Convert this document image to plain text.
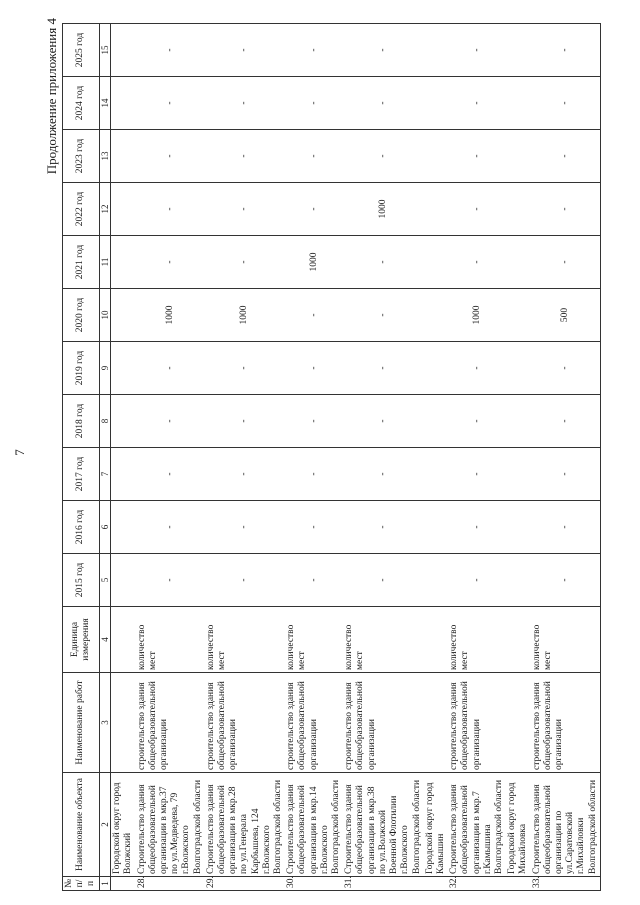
7
Продолжение приложения 4
№ п/п	Наименование объекта	Наименование работ	Единица измерения	2015 год	2016 год	2017 год	2018 год	2019 год	2020 год	2021 год	2022 год	2023 год	2024 год	2025 год
1	2	3	4	5	6	7	8	9	10	11	12	13	14	15
	Городской округ город Волжский													
28.	Строительство здания общеобразовательной организации в мкр.37 по ул.Медведева, 79 г.Волжского Волгоградской области	строительство здания общеобразовательной организации	количество мест	-	-	-	-	-	1000	-	-	-	-	-
29.	Строительство здания общеобразовательной организации в мкр.28 по ул.Генерала Карбышева, 124 г.Волжского Волгоградской области	строительство здания общеобразовательной организации	количество мест	-	-	-	-	-	1000	-	-	-	-	-
30.	Строительство здания общеобразовательной организации в мкр.14 г.Волжского Волгоградской области	строительство здания общеобразовательной организации	количество мест	-	-	-	-	-	-	1000	-	-	-	-
31.	Строительство здания общеобразовательной организации в мкр.38 по ул.Волжской Военной Флотилии г.Волжского Волгоградской области	строительство здания общеобразовательной организации	количество мест	-	-	-	-	-	-	-	1000	-	-	-
	Городской округ город Камышин													
32.	Строительство здания общеобразовательной организации в мкр.7 г.Камышина Волгоградской области	строительство здания общеобразовательной организации	количество мест	-	-	-	-	-	1000	-	-	-	-	-
	Городской округ город Михайловка													
33.	Строительство здания общеобразовательной организации по ул.Саратовской г.Михайловки Волгоградской области	строительство здания общеобразовательной организации	количество мест	-	-	-	-	-	500	-	-	-	-	-
